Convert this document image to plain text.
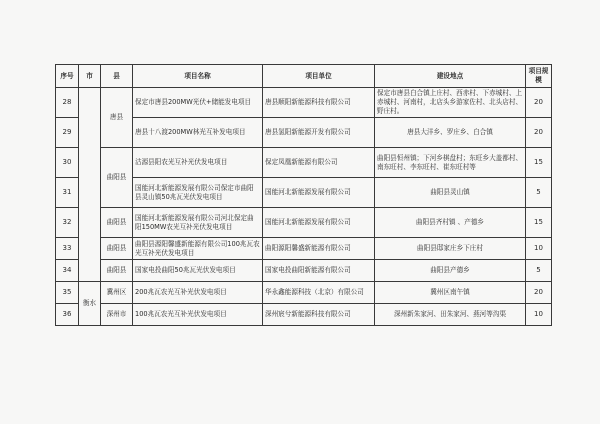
序号	市	县	项目名称	项目单位	建设地点	项目规模
28		唐县	保定市唐县200MW光伏+储能发电项目	唐县顺阳新能源科技有限公司	保定市唐县白合镇上庄村、西赤村、下赤城村、上赤城村、河南村，北店头乡游家佐村、北头店村、野庄村。	20
29			唐县十八渡200MW林光互补发电项目	唐县氢阳新能源开发有限公司	唐县大洋乡、罗庄乡、白合镇	20
30		曲阳县	沽源县阳农光互补光伏发电项目	保定凤凰新能源有限公司	曲阳县恒州镇；下河乡棋盘村；东旺乡大盖都村、南东旺村、李东旺村、崔东旺村等	15
31			国能河北新能源发展有限公司保定市曲阳县灵山镇50兆瓦光伏发电项目	国能河北新能源发展有限公司	曲阳县灵山镇	5
32		曲阳县	国能河北新能源发展有限公司河北保定曲阳150MW农光互补光伏发电项目	国能河北新能源发展有限公司	曲阳县齐村镇 、产德乡	15
33		曲阳县	曲阳县源阳馨盛新能源有限公司100兆瓦农光互补光伏发电项目	曲阳源阳馨盛新能源有限公司	曲阳县邸家庄乡下庄村	10
34		曲阳县	国家电投曲阳50兆瓦光伏发电项目	国家电投曲阳新能源有限公司	曲阳县产德乡	5
35	衡水	冀州区	200兆瓦农光互补光伏发电项目	华永鑫能源科技（北京）有限公司	冀州区南午镇	20
36		深州市	100兆瓦农光互补光伏发电项目	深州宸兮新能源科技有限公司	深州新朱家河、田朱家河、燕河等沟渠	10
